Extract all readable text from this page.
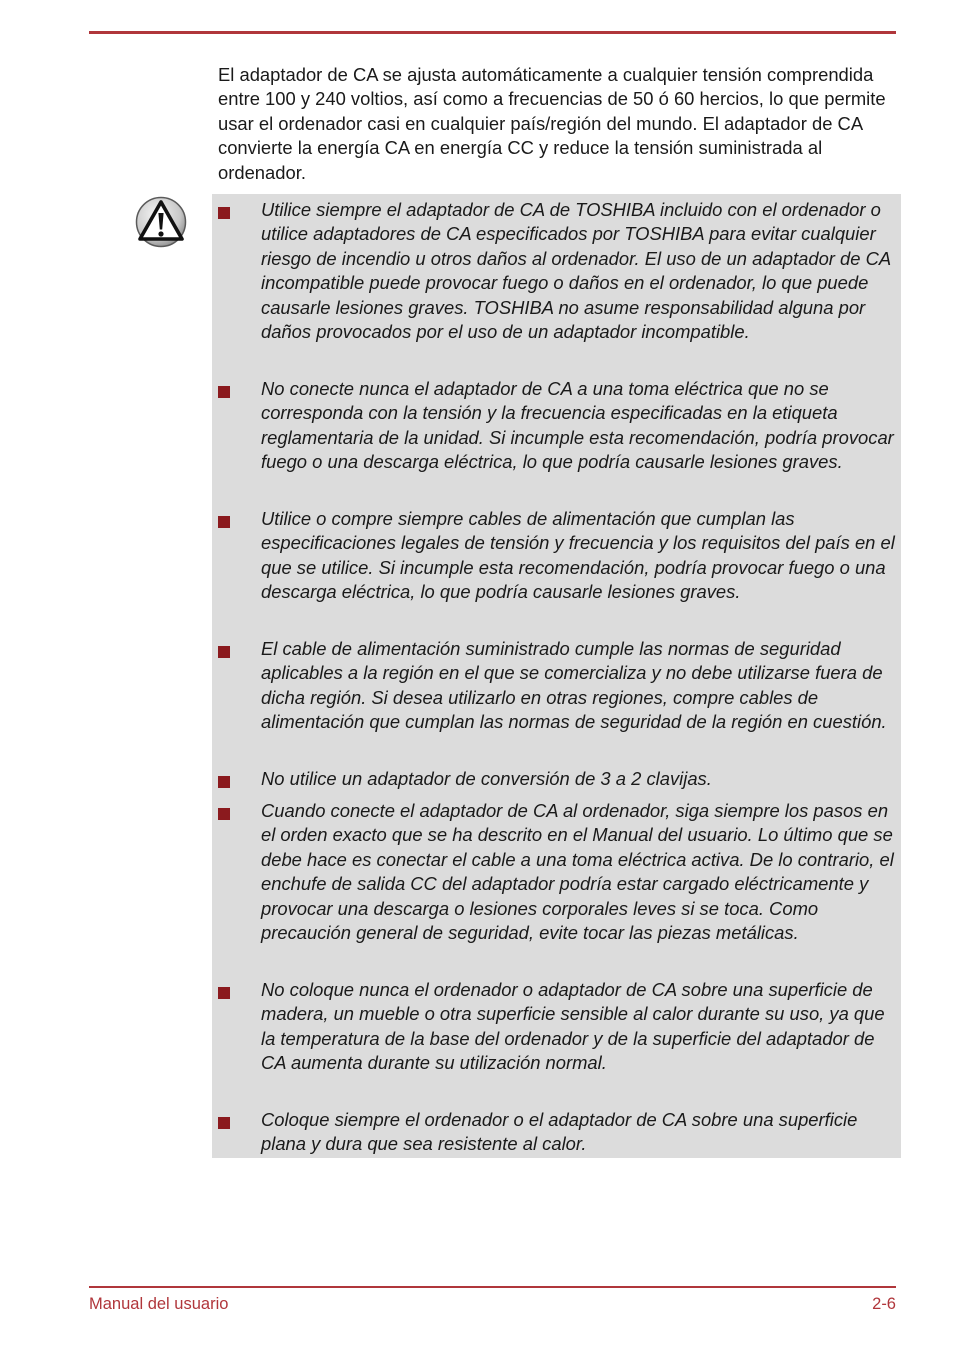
El adaptador de CA se ajusta automáticamente a cualquier tensión comprendida entre 100 y 240 voltios, así como a frecuencias de 50 ó 60 hercios, lo que permite usar el ordenador casi en cualquier país/región del mundo. El adaptador de CA convierte la energía CA en energía CC y reduce la tensión suministrada al ordenador.

Utilice siempre el adaptador de CA de TOSHIBA incluido con el ordenador o utilice adaptadores de CA especificados por TOSHIBA para evitar cualquier riesgo de incendio u otros daños al ordenador. El uso de un adaptador de CA incompatible puede provocar fuego o daños en el ordenador, lo que puede causarle lesiones graves. TOSHIBA no asume responsabilidad alguna por daños provocados por el uso de un adaptador incompatible.

No conecte nunca el adaptador de CA a una toma eléctrica que no se corresponda con la tensión y la frecuencia especificadas en la etiqueta reglamentaria de la unidad. Si incumple esta recomendación, podría provocar fuego o una descarga eléctrica, lo que podría causarle lesiones graves.

Utilice o compre siempre cables de alimentación que cumplan las especificaciones legales de tensión y frecuencia y los requisitos del país en el que se utilice. Si incumple esta recomendación, podría provocar fuego o una descarga eléctrica, lo que podría causarle lesiones graves.

El cable de alimentación suministrado cumple las normas de seguridad aplicables a la región en el que se comercializa y no debe utilizarse fuera de dicha región. Si desea utilizarlo en otras regiones, compre cables de alimentación que cumplan las normas de seguridad de la región en cuestión.

No utilice un adaptador de conversión de 3 a 2 clavijas.

Cuando conecte el adaptador de CA al ordenador, siga siempre los pasos en el orden exacto que se ha descrito en el Manual del usuario. Lo último que se debe hace es conectar el cable a una toma eléctrica activa. De lo contrario, el enchufe de salida CC del adaptador podría estar cargado eléctricamente y provocar una descarga o lesiones corporales leves si se toca. Como precaución general de seguridad, evite tocar las piezas metálicas.

No coloque nunca el ordenador o adaptador de CA sobre una superficie de madera, un mueble o otra superficie sensible al calor durante su uso, ya que la temperatura de la base del ordenador y de la superficie del adaptador de CA aumenta durante su utilización normal.

Coloque siempre el ordenador o el adaptador de CA sobre una superficie plana y dura que sea resistente al calor.

Manual del usuario	2-6
